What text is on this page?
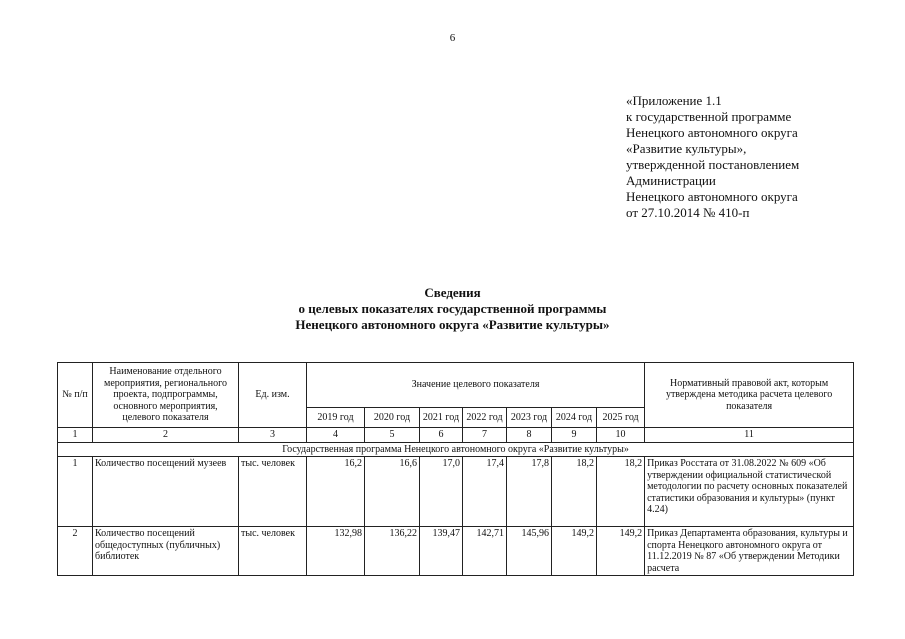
6
«Приложение 1.1
к государственной программе
Ненецкого автономного округа
«Развитие культуры»,
утвержденной постановлением
Администрации
Ненецкого автономного округа
от 27.10.2014 № 410-п
Сведения
о целевых показателях государственной программы
Ненецкого автономного округа «Развитие культуры»
№ п/п	Наименование отдельного мероприятия, регионального проекта, подпрограммы, основного мероприятия, целевого показателя	Ед. изм.	Значение целевого показателя							Нормативный правовой акт, которым утверждена методика расчета целевого показателя
			2019 год	2020 год	2021 год	2022 год	2023 год	2024 год	2025 год	
1	2	3	4	5	6	7	8	9	10	11
Государственная программа Ненецкого автономного округа «Развитие культуры»										
1	Количество посещений музеев	тыс. человек	16,2	16,6	17,0	17,4	17,8	18,2	18,2	Приказ Росстата от 31.08.2022 № 609 «Об утверждении официальной статистической методологии по расчету основных показателей статистики образования и культуры» (пункт 4.24)
2	Количество посещений общедоступных (публичных) библиотек	тыс. человек	132,98	136,22	139,47	142,71	145,96	149,2	149,2	Приказ Департамента образования, культуры и спорта Ненецкого автономного округа от 11.12.2019 № 87 «Об утверждении Методики расчета
